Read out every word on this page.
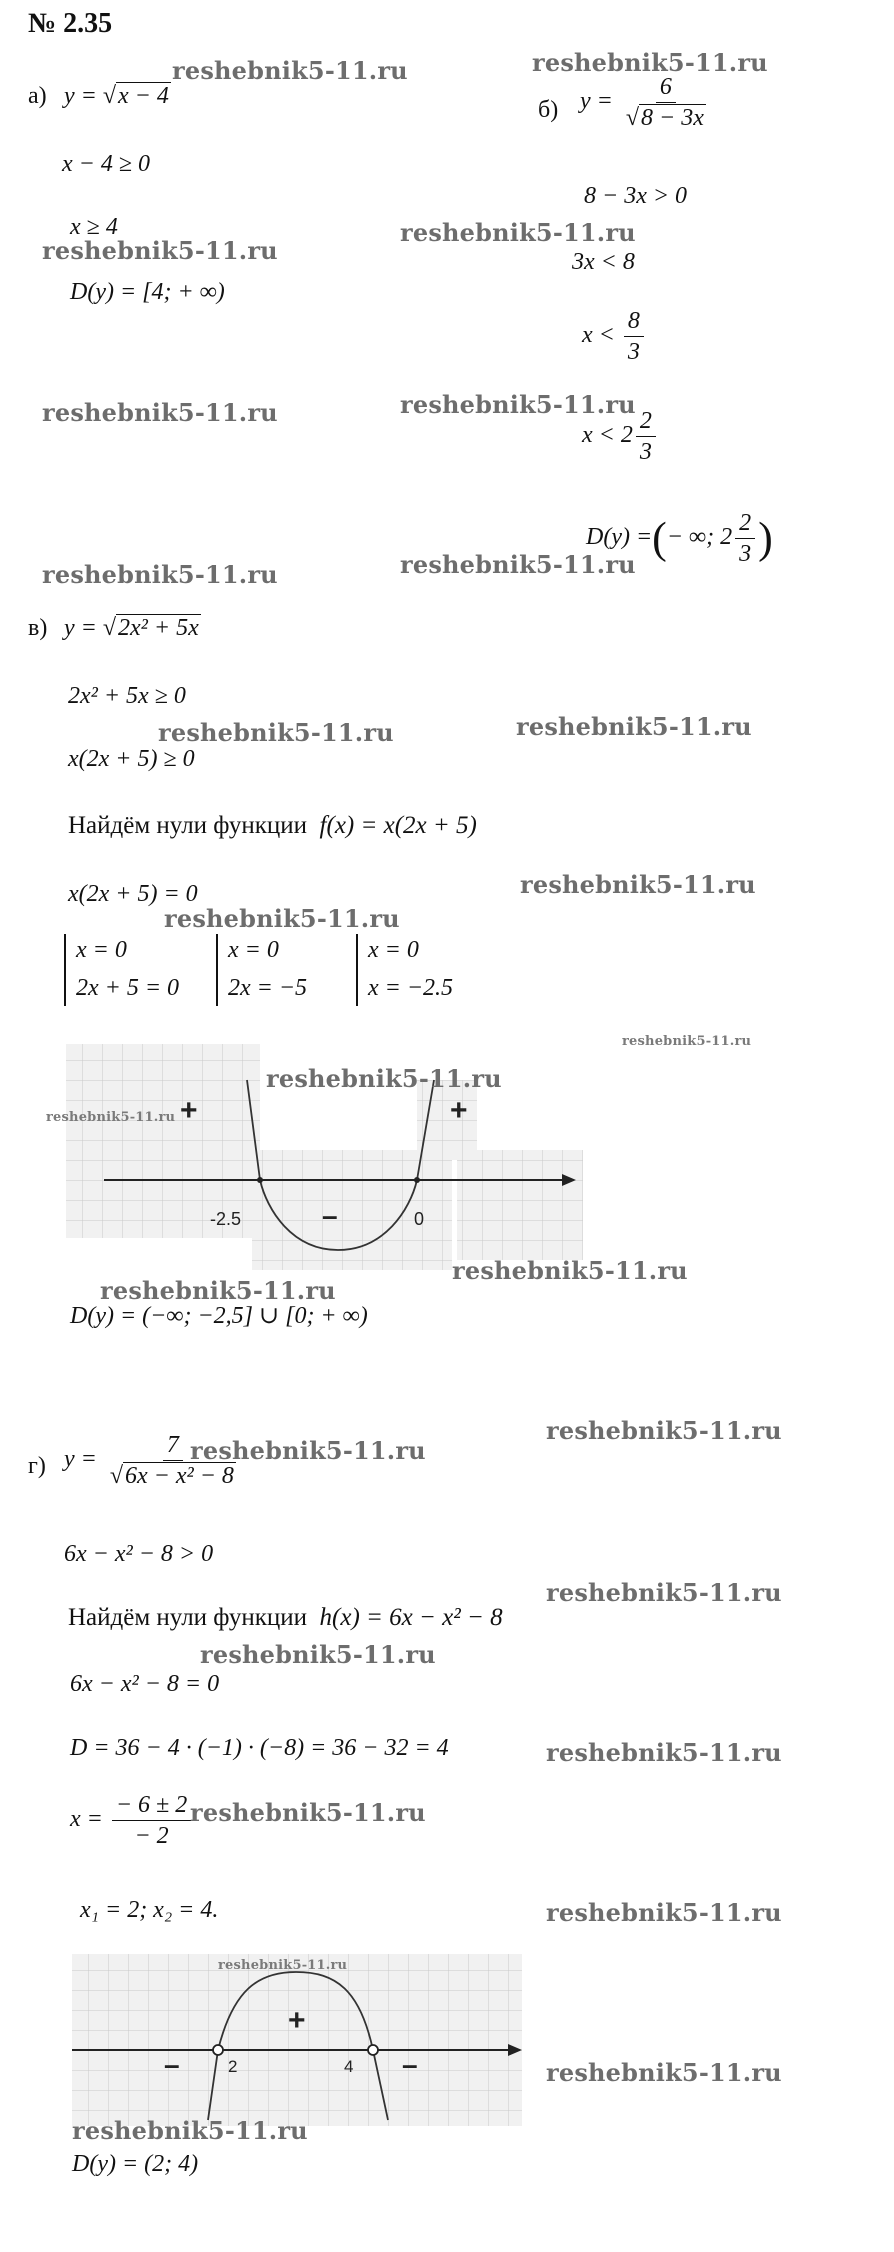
№ 2.35
а) y = √x − 4
x − 4 ≥ 0
x ≥ 4
D(y) = [4; + ∞)
б) $y = \frac{6}{√8 - 3x}$
8 − 3x > 0
3x < 8
$x < \frac{8}{3}$
$x < 2 \frac{2}{3}$
D(y) =(− ∞; $2 \frac{2}{3}$ )
в) y = √2x² + 5x
2x² + 5x ≥ 0
x(2x + 5) ≥ 0
Найдём нули функции f(x) = x(2x + 5)
x(2x + 5) = 0
x = 0
2x + 5 = 0
x = 0
2x = −5
x = 0
x = −2.5
-2.5	0
+
–
+
D(y) = (−∞; −2,5] ∪ [0; + ∞)
г) $y = \frac{7}{\text{√6x − x² − 8}}$
6x − x² − 8 > 0
Найдём нули функции h(x) = 6x − x² − 8
6x − x² − 8 = 0
D = 36 − 4 · (−1) · (−8) = 36 − 32 = 4
$x = \frac{- 6 \pm 2}{- 2}$
x₁ = 2; x₂ = 4.
2	4
–
+
–
D(y) = (2; 4)
reshebnik5-11.ru	reshebnik5-11.ru
reshebnik5-11.ru
reshebnik5-11.ru
reshebnik5-11.ru	reshebnik5-11.ru
reshebnik5-11.ru	reshebnik5-11.ru
reshebnik5-11.ru	reshebnik5-11.ru
reshebnik5-11.ru
reshebnik5-11.ru
reshebnik5-11.ru
reshebnik5-11.ru
reshebnik5-11.ru
reshebnik5-11.ru
reshebnik5-11.ru
reshebnik5-11.ru
reshebnik5-11.ru
reshebnik5-11.ru
reshebnik5-11.ru
reshebnik5-11.ru
reshebnik5-11.ru
reshebnik5-11.ru
reshebnik5-11.ru
reshebnik5-11.ru
reshebnik5-11.ru
